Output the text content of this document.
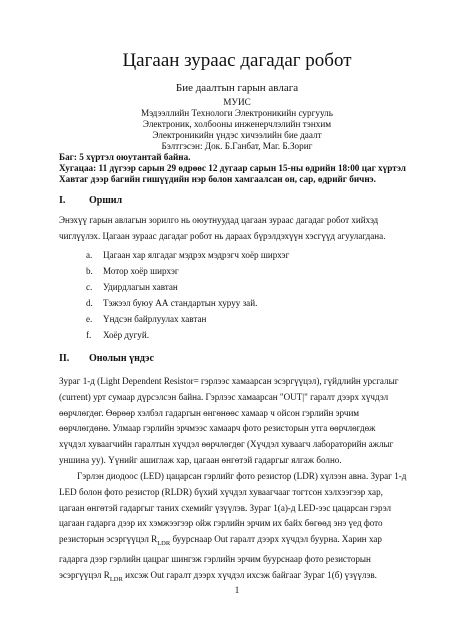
Цагаан зураас дагадаг робот
Бие даалтын гарын авлага
МУИС
Мэдээллийн Технологи Электроникийн сургууль
Электроник, холбооны инженерчлэлийн тэнхим
Электроникийн үндэс хичээлийн бие даалт
Бэлтгэсэн: Док. Б.Ганбат, Маг. Б.Зориг
Баг: 5 хүртэл оюутантай байна.
Хугацаа: 11 дүгээр сарын 29 өдрөөс 12 дугаар сарын 15-ны өдрийн 18:00 цаг хүртэл
Хавтаг дээр багийн гишүүдийн нэр болон хамгаалсан он, сар, өдрийг бичнэ.
I. Оршил
Энэхүү гарын авлагын зорилго нь оюутнуудад цагаан зураас дагадаг робот хийхэд
чиглүүлэх. Цагаан зураас дагадаг робот нь дараах бүрэлдэхүүн хэсгүүд агуулагдана.
a. Цагаан хар ялгадаг мэдрэх мэдрэгч хоёр ширхэг
b. Мотор хоёр ширхэг
c. Удирдлагын хавтан
d. Тэжээл буюу АА стандартын хуруу зай.
e. Үндсэн байрлуулах хавтан
f. Хоёр дугуй.
II. Онолын үндэс
Зураг 1-д (Light Dependent Resistor= гэрлээс хамаарсан эсэргүүцэл), гүйдлийн урсгалыг
(current) урт сумаар дүрсэлсэн байна. Гэрлээс хамаарсан "OUT|" гаралт дээрх хүчдэл
өөрчлөгдөг. Өөрөөр хэлбэл гадаргын өнгөнөөс хамаар ч ойсон гэрлийн эрчим
өөрчлөгдөнө. Улмаар гэрлийн эрчмээс хамаарч фото резисторын утга өөрчлөгдөж
хүчдэл хуваагчийн гаралтын хүчдэл өөрчлөгдөг (Хүчдэл хуваагч лабораторийн ажлыг
уншина уу). Үүнийг ашиглаж хар, цагаан өнгөтэй гадаргыг ялгаж болно.
Гэрлэн диодоос (LED) цацарсан гэрлийг фото резистор (LDR) хүлээн авна. Зураг 1-д
LED болон фото резистор (RLDR) бүхий хүчдэл хуваагчааг тогтсон хэлхээгээр хар,
цагаан өнгөтэй гадаргыг таних схемийг үзүүлэв. Зураг 1(а)-д LED-ээс цацарсан гэрэл
цагаан гадарга дээр их хэмжээгээр ойж гэрлийн эрчим их байх бөгөөд энэ үед фото
резисторын эсэргүүцэл $R_{LDR}$ буурснаар Out гаралт дээрх хүчдэл буурна. Харин хар
гадарга дээр гэрлийн цацраг шингэж гэрлийн эрчим буурснаар фото резисторын
эсэргүүцэл $R_{LDR}$ ихсэж Out гаралт дээрх хүчдэл ихсэж байгааг Зураг 1(б) үзүүлэв.
1
